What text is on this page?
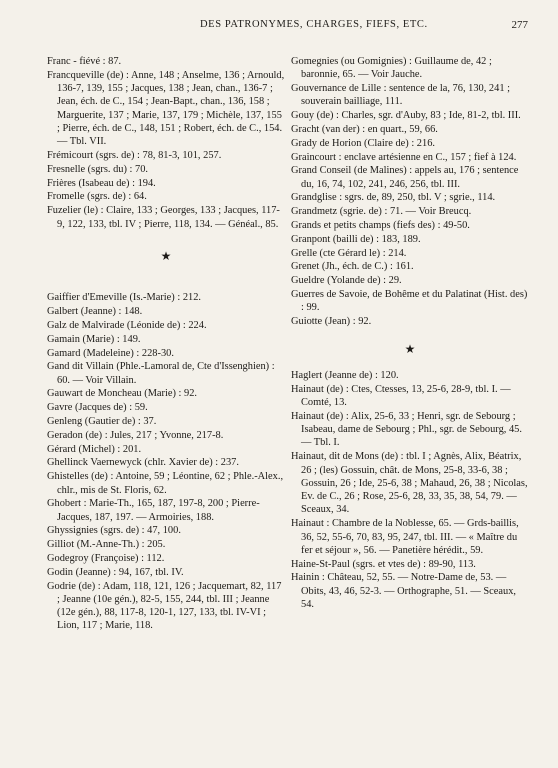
DES PATRONYMES, CHARGES, FIEFS, ETC.	277

Franc - fiévé : 87.

Francqueville (de) : Anne, 148 ; Anselme, 136 ; Arnould, 136-7, 139, 155 ; Jacques, 138 ; Jean, chan., 136-7 ; Jean, éch. de C., 154 ; Jean-Bapt., chan., 136, 158 ; Marguerite, 137 ; Marie, 137, 179 ; Michèle, 137, 155 ; Pierre, éch. de C., 148, 151 ; Robert, éch. de C., 154. — Tbl. VII.

Frémicourt (sgrs. de) : 78, 81-3, 101, 257.

Fresnelle (sgrs. du) : 70.

Frières (Isabeau de) : 194.

Fromelle (sgrs. de) : 64.

Fuzelier (le) : Claire, 133 ; Georges, 133 ; Jacques, 117-9, 122, 133, tbl. IV ; Pierre, 118, 134. — Généal., 85.

★

Gaiffier d'Emeville (Is.-Marie) : 212.

Galbert (Jeanne) : 148.

Galz de Malvirade (Léonide de) : 224.

Gamain (Marie) : 149.

Gamard (Madeleine) : 228-30.

Gand dit Villain (Phle.-Lamoral de, Cte d'Issenghien) : 60. — Voir Villain.

Gauwart de Moncheau (Marie) : 92.

Gavre (Jacques de) : 59.

Genleng (Gautier de) : 37.

Geradon (de) : Jules, 217 ; Yvonne, 217-8.

Gérard (Michel) : 201.

Ghellinck Vaernewyck (chlr. Xavier de) : 237.

Ghistelles (de) : Antoine, 59 ; Léontine, 62 ; Phle.-Alex., chlr., mis de St. Floris, 62.

Ghobert : Marie-Th., 165, 187, 197-8, 200 ; Pierre-Jacques, 187, 197. — Armoiries, 188.

Ghyssignies (sgrs. de) : 47, 100.

Gilliot (M.-Anne-Th.) : 205.

Godegroy (Françoise) : 112.

Godin (Jeanne) : 94, 167, tbl. IV.

Godrie (de) : Adam, 118, 121, 126 ; Jacquemart, 82, 117 ; Jeanne (10e gén.), 82-5, 155, 244, tbl. III ; Jeanne (12e gén.), 88, 117-8, 120-1, 127, 133, tbl. IV-VI ; Lion, 117 ; Marie, 118.

Gomegnies (ou Gomignies) : Guillaume de, 42 ; baronnie, 65. — Voir Jauche.

Gouvernance de Lille : sentence de la, 76, 130, 241 ; souverain bailliage, 111.

Gouy (de) : Charles, sgr. d'Auby, 83 ; Ide, 81-2, tbl. III.

Gracht (van der) : en quart., 59, 66.

Grady de Horion (Claire de) : 216.

Graincourt : enclave artésienne en C., 157 ; fief à 124.

Grand Conseil (de Malines) : appels au, 176 ; sentence du, 16, 74, 102, 241, 246, 256, tbl. III.

Grandglise : sgrs. de, 89, 250, tbl. V ; sgrie., 114.

Grandmetz (sgrie. de) : 71. — Voir Breucq.

Grands et petits champs (fiefs des) : 49-50.

Granpont (bailli de) : 183, 189.

Grelle (cte Gérard le) : 214.

Grenet (Jh., éch. de C.) : 161.

Gueldre (Yolande de) : 29.

Guerres de Savoie, de Bohême et du Palatinat (Hist. des) : 99.

Guiotte (Jean) : 92.

★

Haglert (Jeanne de) : 120.

Hainaut (de) : Ctes, Ctesses, 13, 25-6, 28-9, tbl. I. — Comté, 13.

Hainaut (de) : Alix, 25-6, 33 ; Henri, sgr. de Sebourg ; Isabeau, dame de Sebourg ; Phl., sgr. de Sebourg, 45. — Tbl. I.

Hainaut, dit de Mons (de) : tbl. I ; Agnès, Alix, Béatrix, 26 ; (les) Gossuin, chât. de Mons, 25-8, 33-6, 38 ; Gossuin, 26 ; Ide, 25-6, 38 ; Mahaud, 26, 38 ; Nicolas, Ev. de C., 26 ; Rose, 25-6, 28, 33, 35, 38, 54, 79. — Sceaux, 34.

Hainaut : Chambre de la Noblesse, 65. — Grds-baillis, 36, 52, 55-6, 70, 83, 95, 247, tbl. III. — « Maître du fer et séjour », 56. — Panetière hérédit., 59.

Haine-St-Paul (sgrs. et vtes de) : 89-90, 113.

Hainin : Château, 52, 55. — Notre-Dame de, 53. — Obits, 43, 46, 52-3. — Orthographe, 51. — Sceaux, 54.
